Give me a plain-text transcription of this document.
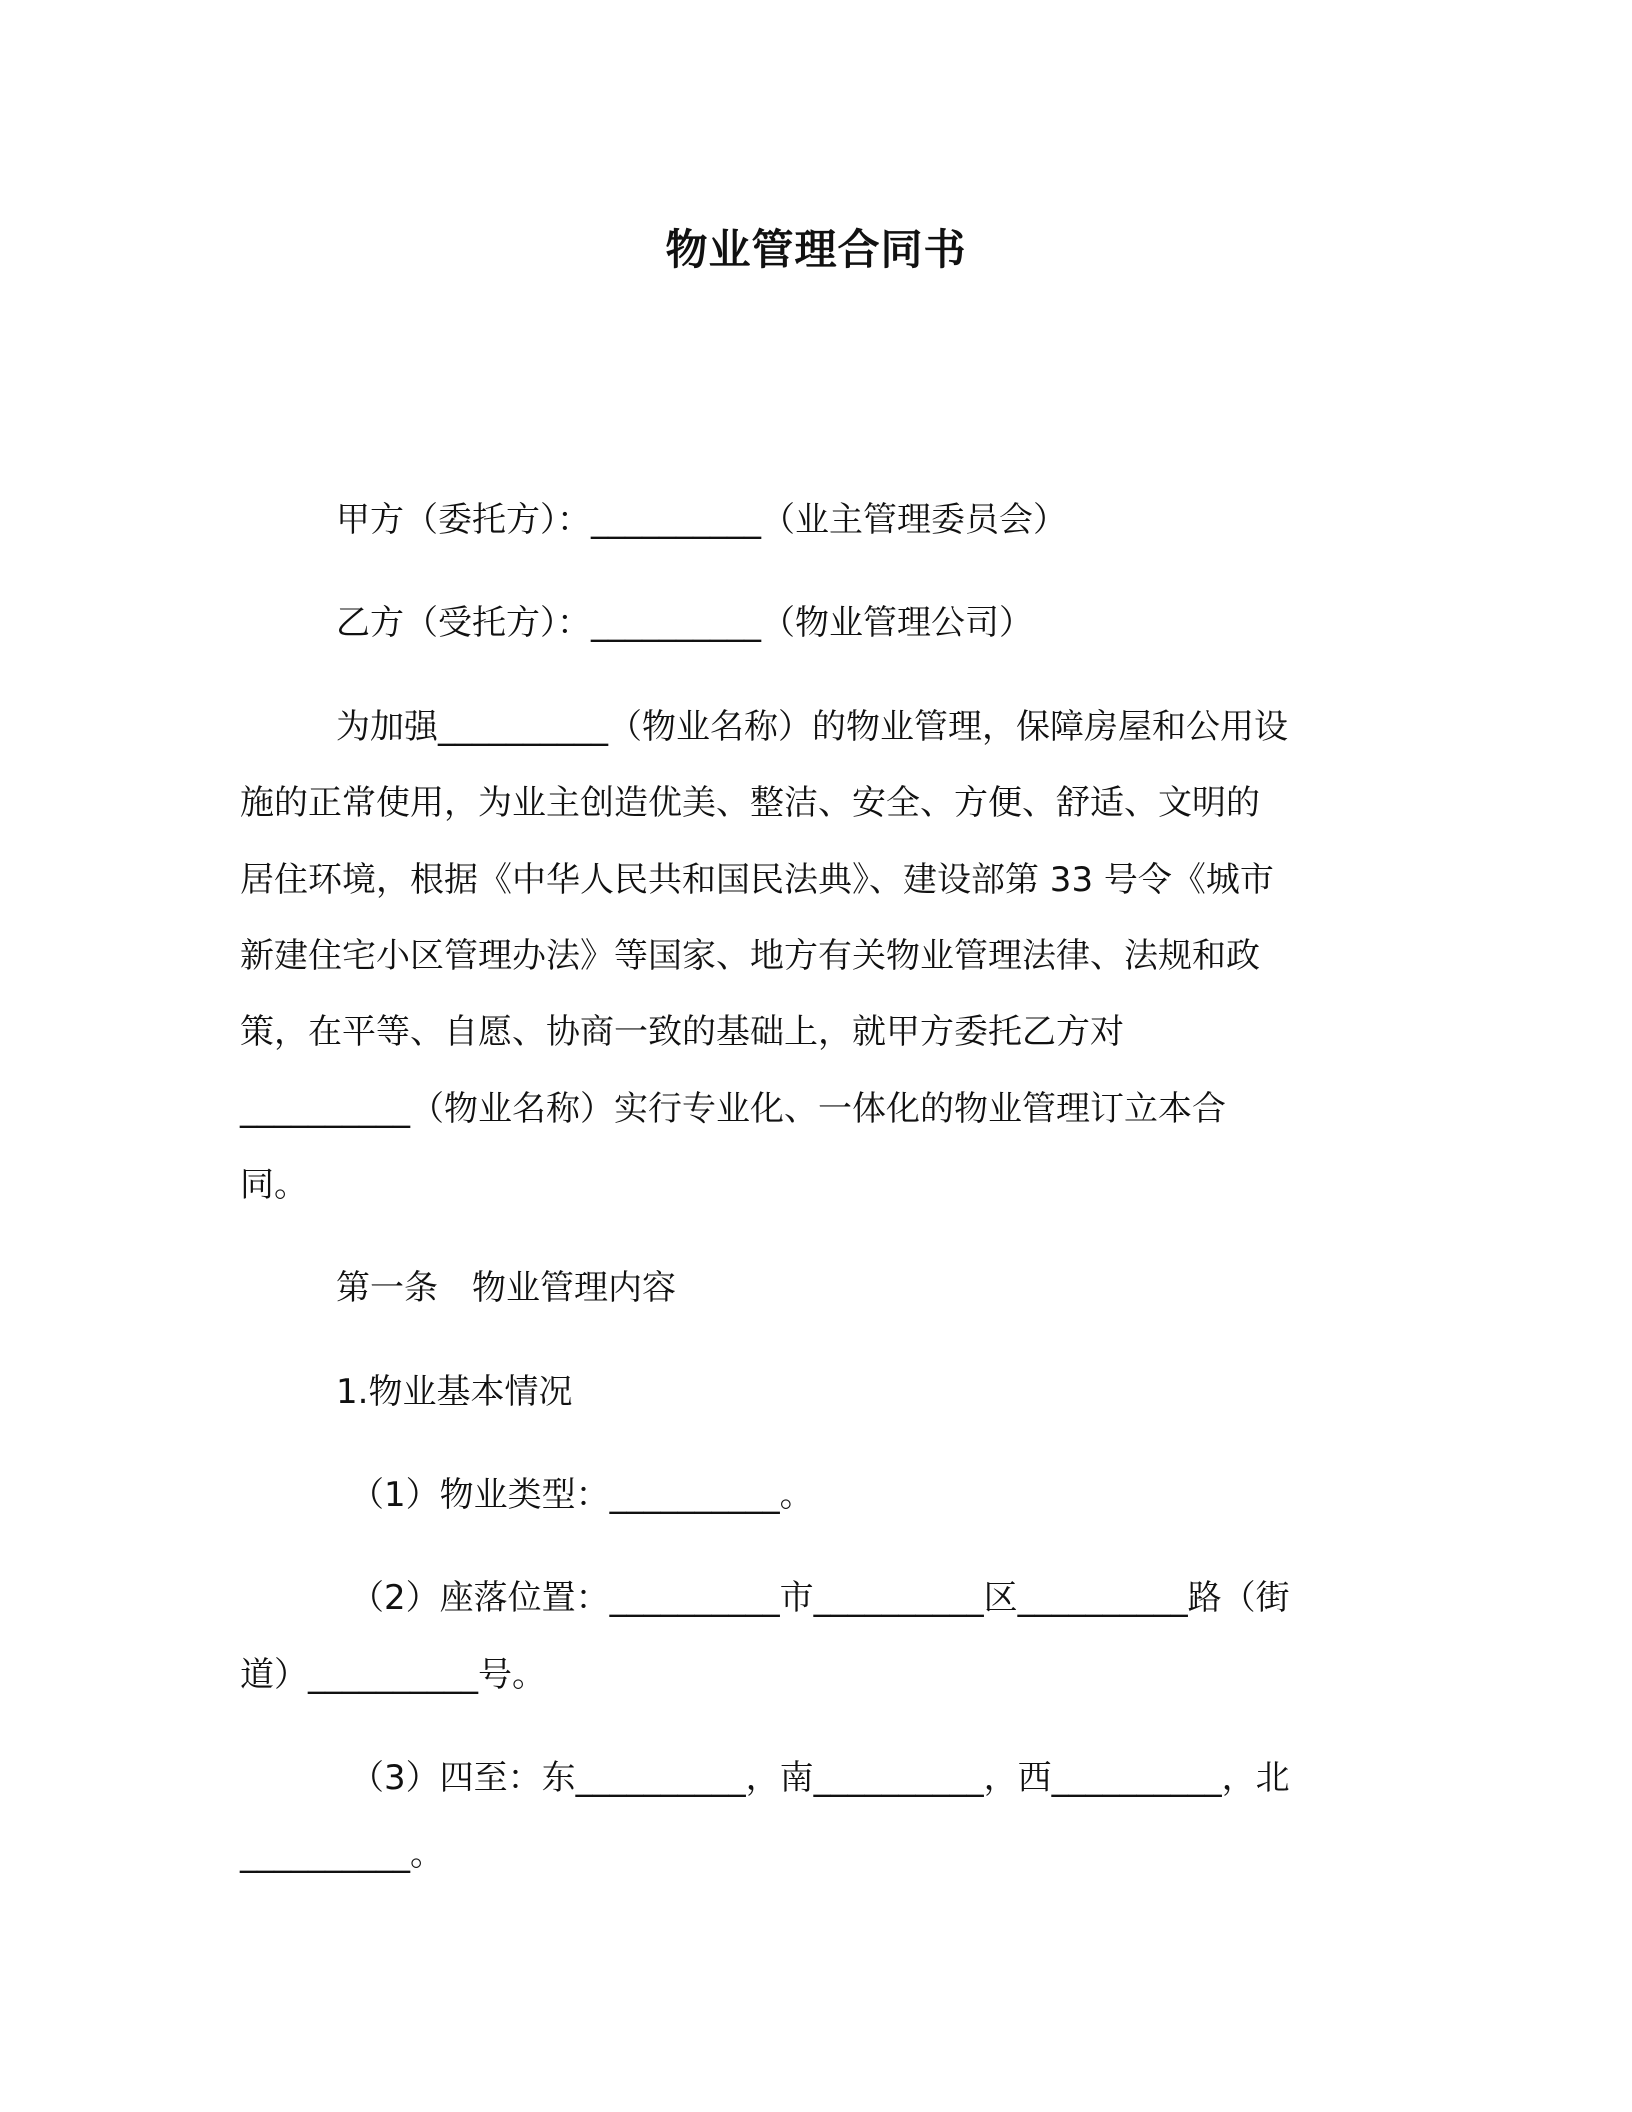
物业管理合同书
甲方（委托方）：__________（业主管理委员会）
乙方（受托方）：__________（物业管理公司）
为加强__________（物业名称）的物业管理，保障房屋和公用设
施的正常使用，为业主创造优美、整洁、安全、方便、舒适、文明的
居住环境，根据《中华人民共和国民法典》、建设部第 33 号令《城市
新建住宅小区管理办法》等国家、地方有关物业管理法律、法规和政
策，在平等、自愿、协商一致的基础上，就甲方委托乙方对
__________（物业名称）实行专业化、一体化的物业管理订立本合
同。
第一条　物业管理内容
1.物业基本情况
（1）物业类型：__________。
（2）座落位置：__________市__________区__________路（街
道）__________号。
（3）四至：东__________，南__________，西__________，北
__________。
